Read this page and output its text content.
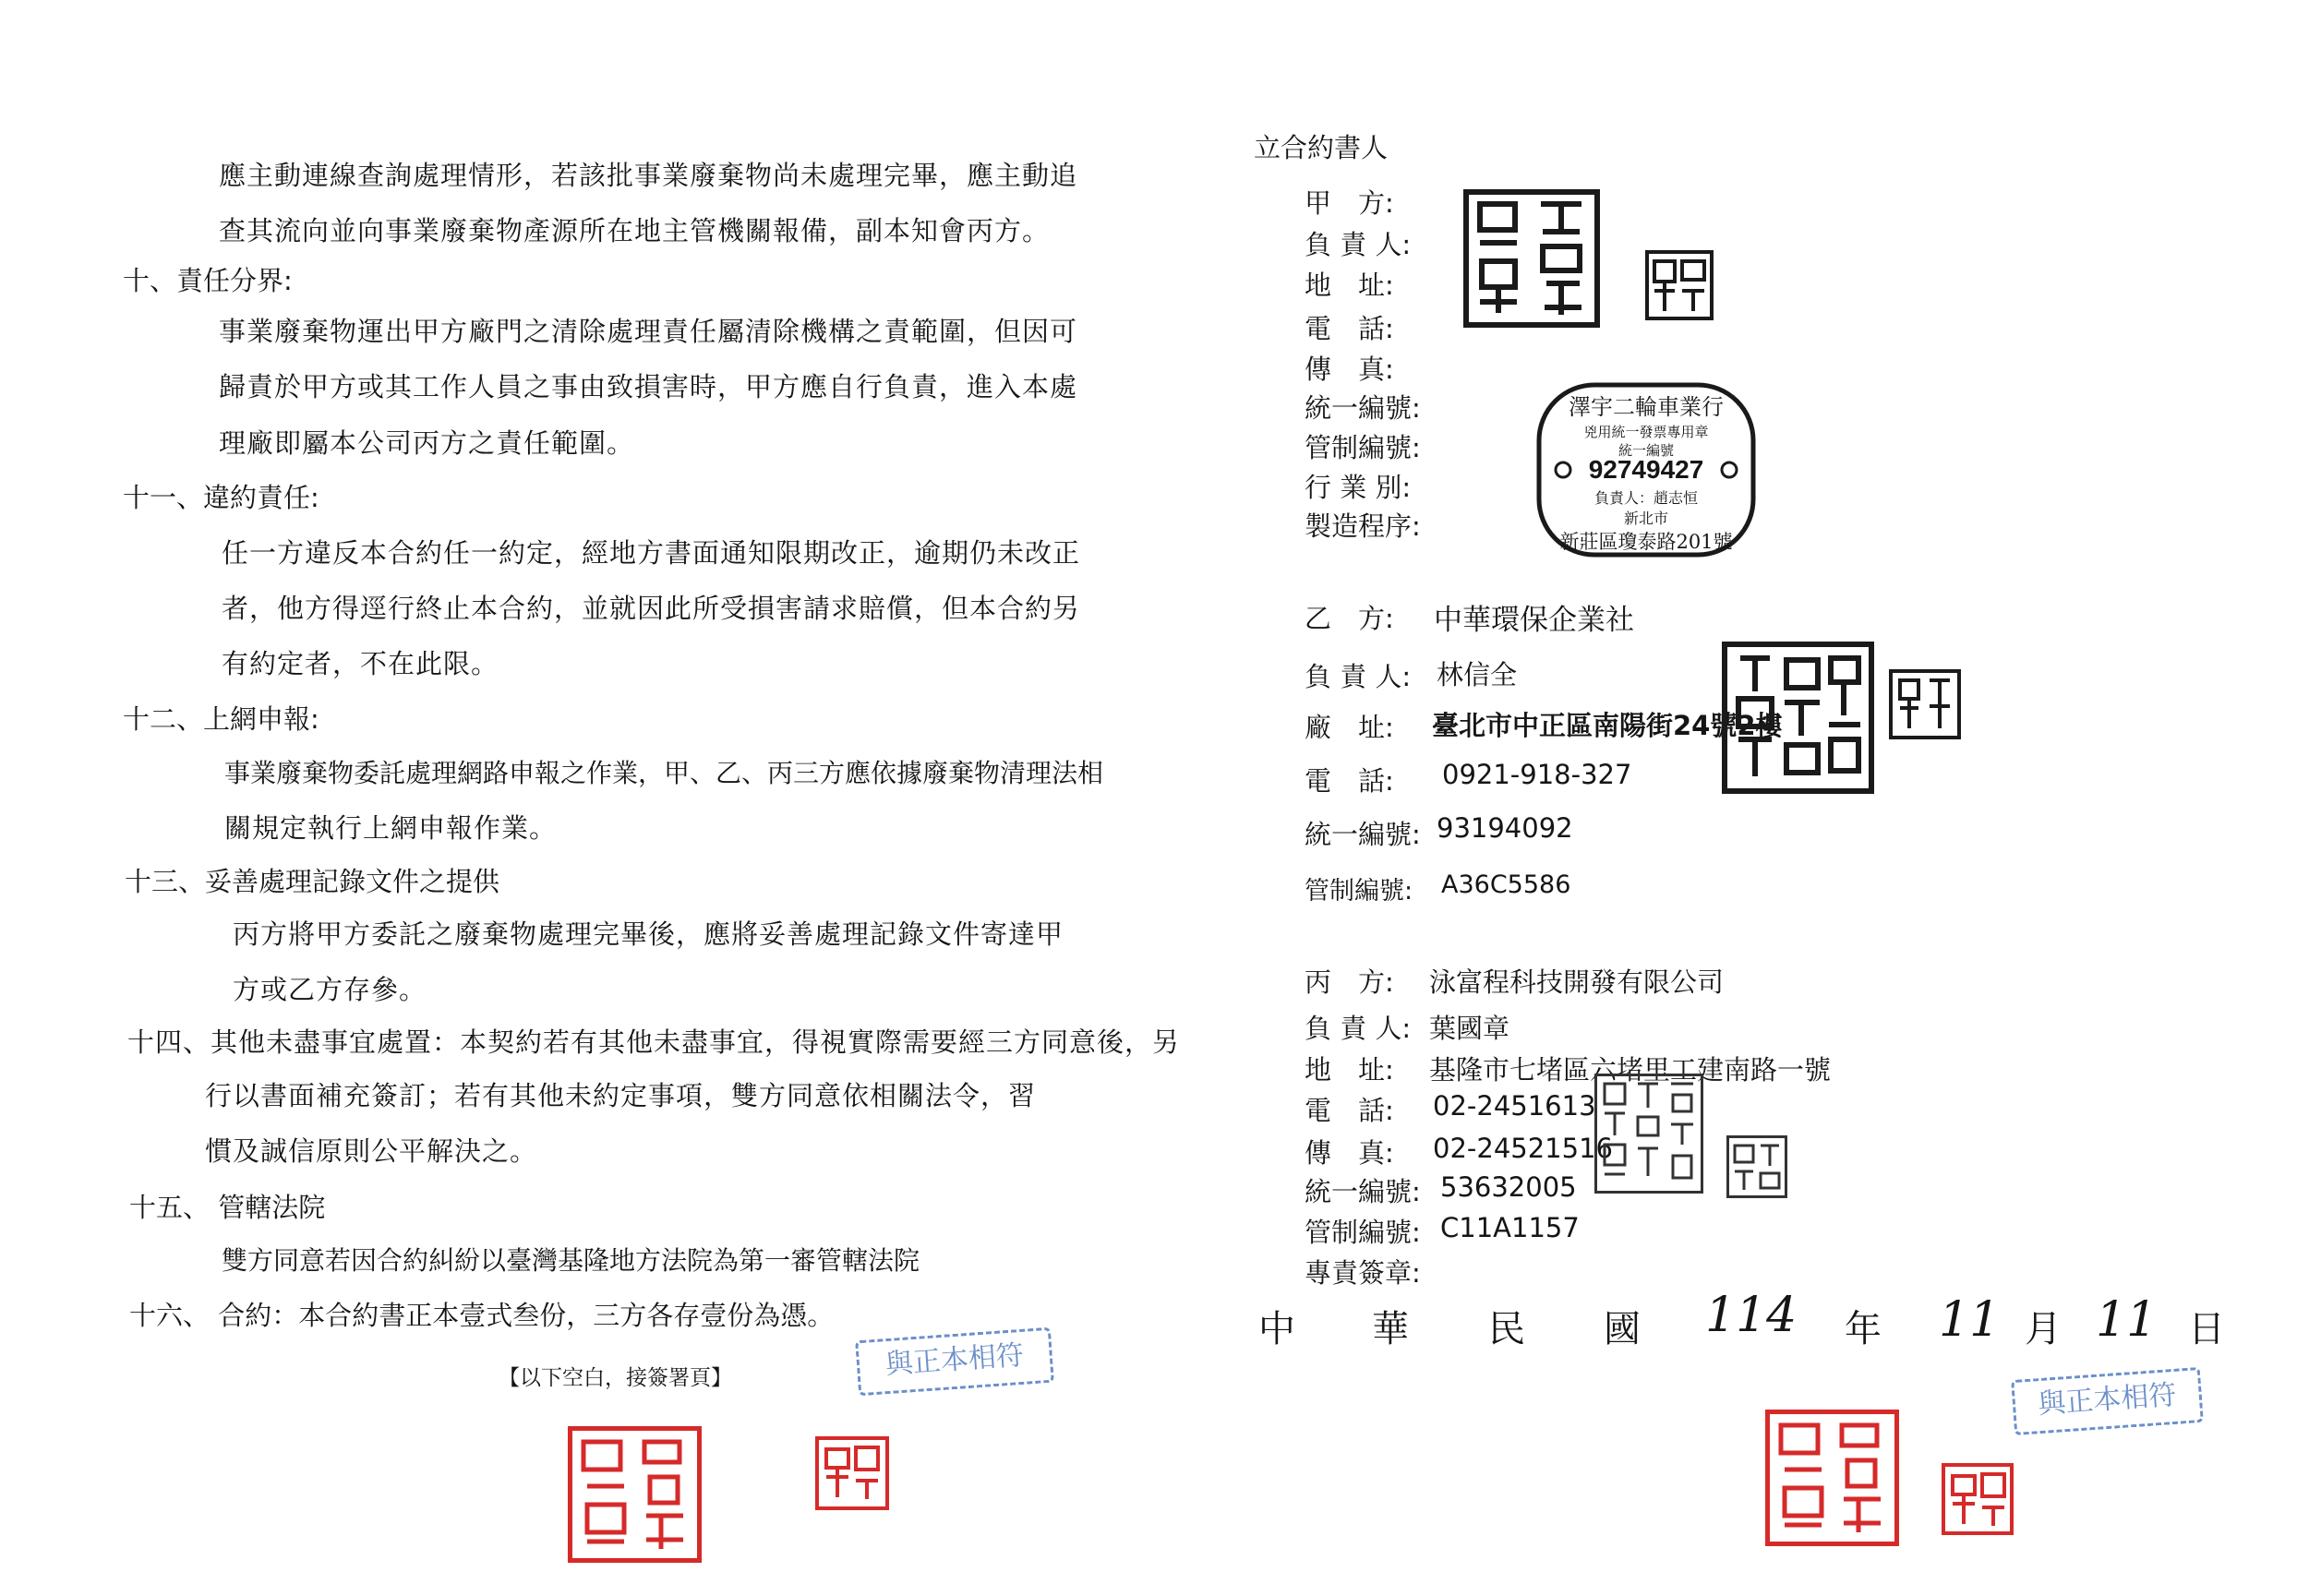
應主動連線查詢處理情形，若該批事業廢棄物尚未處理完畢，應主動追
查其流向並向事業廢棄物產源所在地主管機關報備，副本知會丙方。
十、責任分界:
事業廢棄物運出甲方廠門之清除處理責任屬清除機構之責範圍，但因可
歸責於甲方或其工作人員之事由致損害時，甲方應自行負責，進入本處
理廠即屬本公司丙方之責任範圍。
十一、違約責任:
任一方違反本合約任一約定，經地方書面通知限期改正，逾期仍未改正
者，他方得逕行終止本合約，並就因此所受損害請求賠償，但本合約另
有約定者，不在此限。
十二、上網申報:
事業廢棄物委託處理網路申報之作業，甲、乙、丙三方應依據廢棄物清理法相
關規定執行上網申報作業。
十三、妥善處理記錄文件之提供
丙方將甲方委託之廢棄物處理完畢後，應將妥善處理記錄文件寄達甲
方或乙方存參。
十四、其他未盡事宜處置：本契約若有其他未盡事宜，得視實際需要經三方同意後，另
行以書面補充簽訂；若有其他未約定事項，雙方同意依相關法令，習
慣及誠信原則公平解決之。
十五、 管轄法院
雙方同意若因合約糾紛以臺灣基隆地方法院為第一審管轄法院
十六、 合約：本合約書正本壹式叁份，三方各存壹份為憑。
【以下空白，接簽署頁】	與正本相符
立合約書人
甲　方:
負 責 人:
地　址:
電　話:
傳　真:
統一編號:
管制編號:
行 業 別:
製造程序:
澤宇二輪車業行
兇用統一發票專用章
統一編號
92749427
負責人：趙志恒
新北市
新莊區瓊泰路201號
乙　方: 中華環保企業社
負 責 人: 林信全
廠　址: 臺北市中正區南陽街24號2樓
電　話: 0921-918-327
統一編號: 93194092
管制編號: A36C5586
丙　方: 泳富程科技開發有限公司
負 責 人: 葉國章
地　址: 基隆市七堵區六堵里工建南路一號
電　話: 02-2451613
傳　真: 02-24521516
統一編號: 53632005
管制編號: C11A1157
專責簽章:
中 華 民 國 114 年 11 月 11 日
與正本相符
